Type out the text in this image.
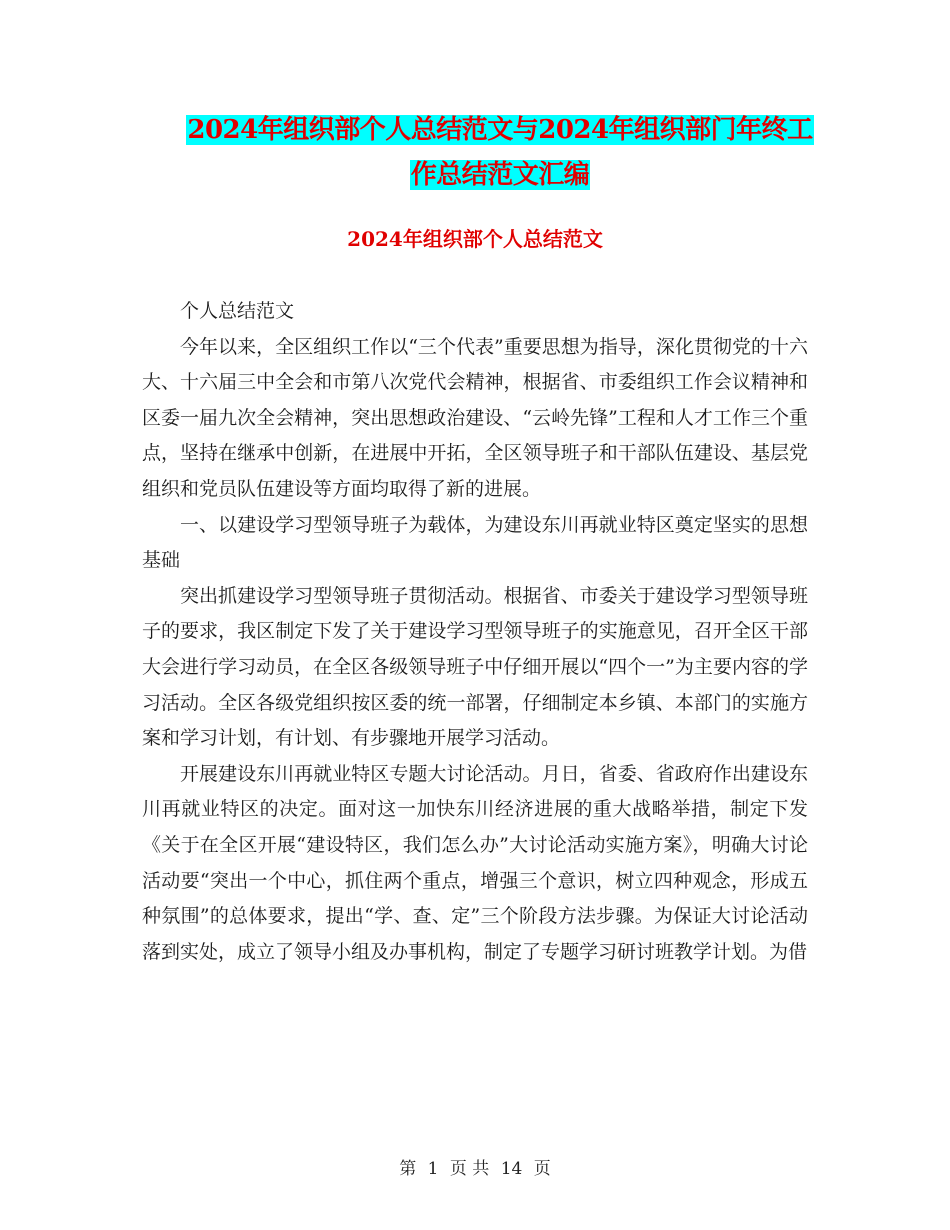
2024年组织部个人总结范文与2024年组织部门年终工
作总结范文汇编
2024年组织部个人总结范文

个人总结范文

今年以来，全区组织工作以“三个代表”重要思想为指导，深化贯彻党的十六大、十六届三中全会和市第八次党代会精神，根据省、市委组织工作会议精神和区委一届九次全会精神，突出思想政治建设、“云岭先锋”工程和人才工作三个重点，坚持在继承中创新，在进展中开拓，全区领导班子和干部队伍建设、基层党组织和党员队伍建设等方面均取得了新的进展。

一、以建设学习型领导班子为载体，为建设东川再就业特区奠定坚实的思想基础

突出抓建设学习型领导班子贯彻活动。根据省、市委关于建设学习型领导班子的要求，我区制定下发了关于建设学习型领导班子的实施意见，召开全区干部大会进行学习动员，在全区各级领导班子中仔细开展以“四个一”为主要内容的学习活动。全区各级党组织按区委的统一部署，仔细制定本乡镇、本部门的实施方案和学习计划，有计划、有步骤地开展学习活动。

开展建设东川再就业特区专题大讨论活动。月日，省委、省政府作出建设东川再就业特区的决定。面对这一加快东川经济进展的重大战略举措，制定下发《关于在全区开展“建设特区，我们怎么办”大讨论活动实施方案》，明确大讨论活动要“突出一个中心，抓住两个重点，增强三个意识，树立四种观念，形成五种氛围”的总体要求，提出“学、查、定”三个阶段方法步骤。为保证大讨论活动落到实处，成立了领导小组及办事机构，制定了专题学习研讨班教学计划。为借

第 1 页 共 14 页
